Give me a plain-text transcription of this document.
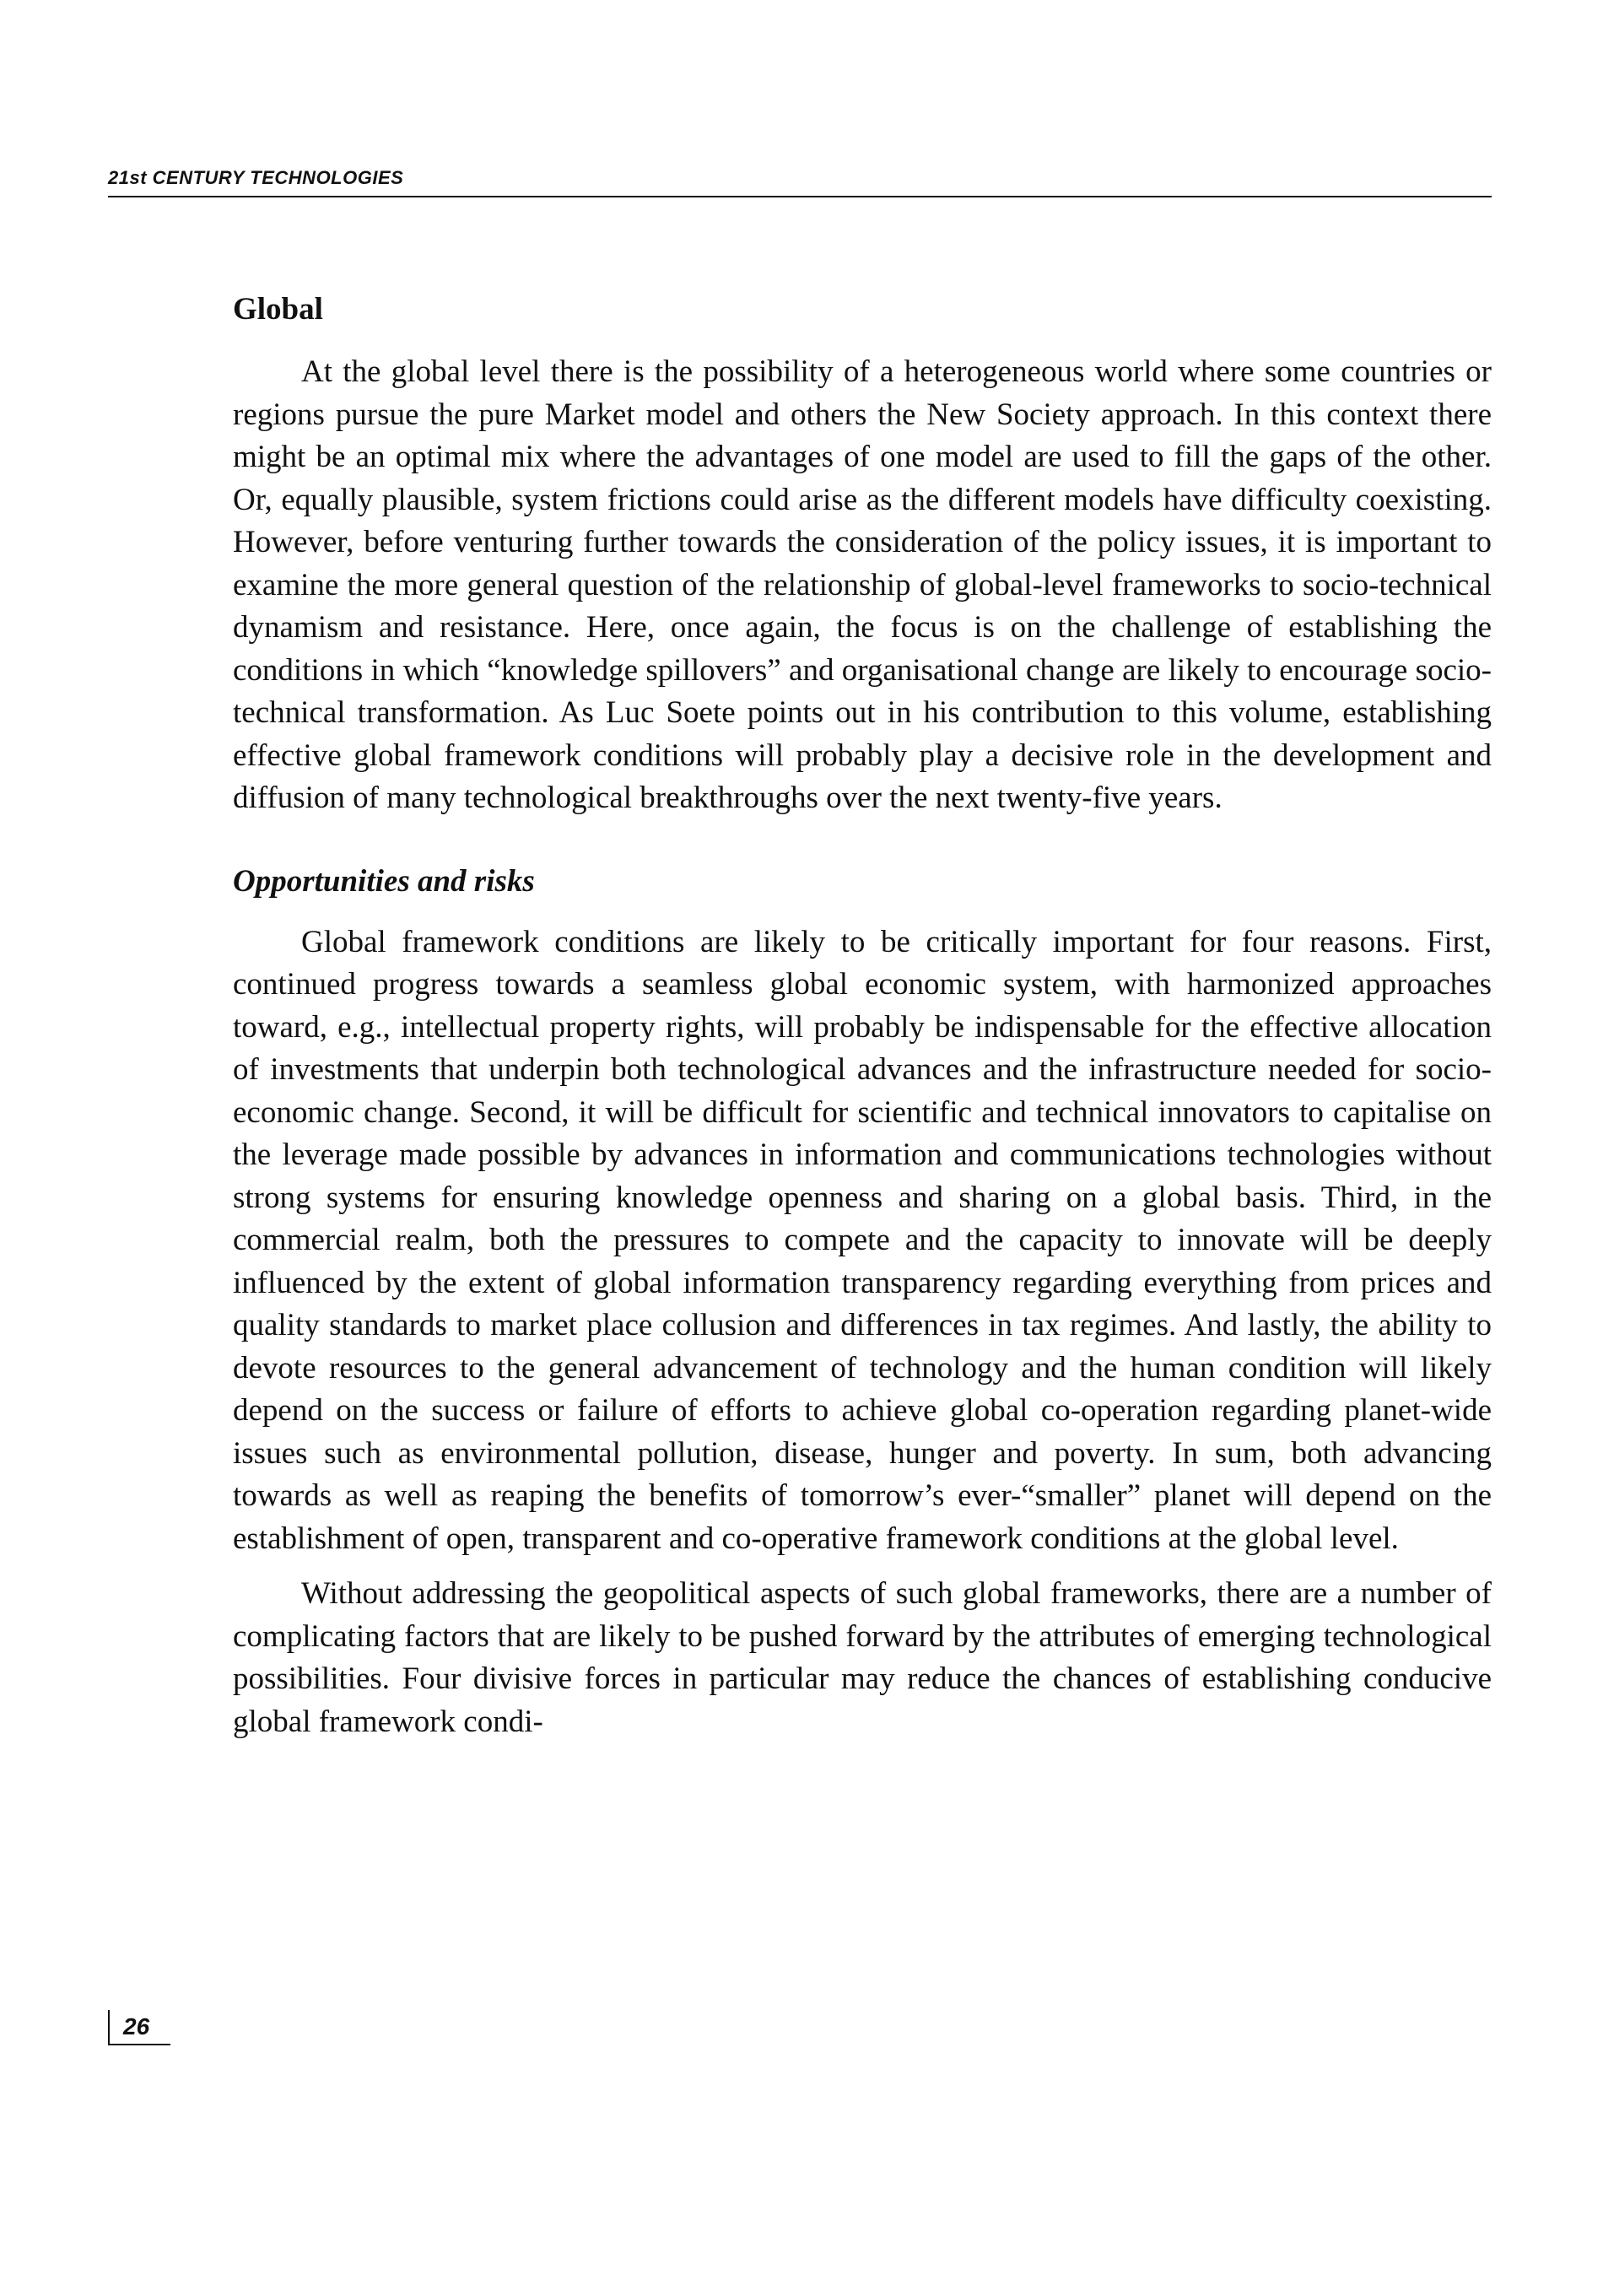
21st CENTURY TECHNOLOGIES
Global

At the global level there is the possibility of a heterogeneous world where some countries or regions pursue the pure Market model and others the New Society approach. In this context there might be an optimal mix where the advantages of one model are used to fill the gaps of the other. Or, equally plausible, system frictions could arise as the different models have difficulty coexisting. However, before venturing further towards the consideration of the policy issues, it is important to examine the more general question of the relationship of global-level frameworks to socio-technical dynamism and resistance. Here, once again, the focus is on the challenge of establishing the conditions in which “knowledge spillovers” and organisational change are likely to encourage socio-technical transformation. As Luc Soete points out in his contribution to this volume, establishing effective global framework conditions will probably play a decisive role in the development and diffusion of many technological breakthroughs over the next twenty-five years.

Opportunities and risks

Global framework conditions are likely to be critically important for four reasons. First, continued progress towards a seamless global economic system, with harmonized approaches toward, e.g., intellectual property rights, will probably be indispensable for the effective allocation of investments that underpin both technological advances and the infrastructure needed for socio-economic change. Second, it will be difficult for scientific and technical innovators to capitalise on the leverage made possible by advances in information and communications technologies without strong systems for ensuring knowledge openness and sharing on a global basis. Third, in the commercial realm, both the pressures to compete and the capacity to innovate will be deeply influenced by the extent of global information transparency regarding everything from prices and quality standards to market place collusion and differences in tax regimes. And lastly, the ability to devote resources to the general advancement of technology and the human condition will likely depend on the success or failure of efforts to achieve global co-operation regarding planet-wide issues such as environmental pollution, disease, hunger and poverty. In sum, both advancing towards as well as reaping the benefits of tomorrow’s ever-“smaller” planet will depend on the establishment of open, transparent and co-operative framework conditions at the global level.

Without addressing the geopolitical aspects of such global frameworks, there are a number of complicating factors that are likely to be pushed forward by the attributes of emerging technological possibilities. Four divisive forces in particular may reduce the chances of establishing conducive global framework condi-

26
